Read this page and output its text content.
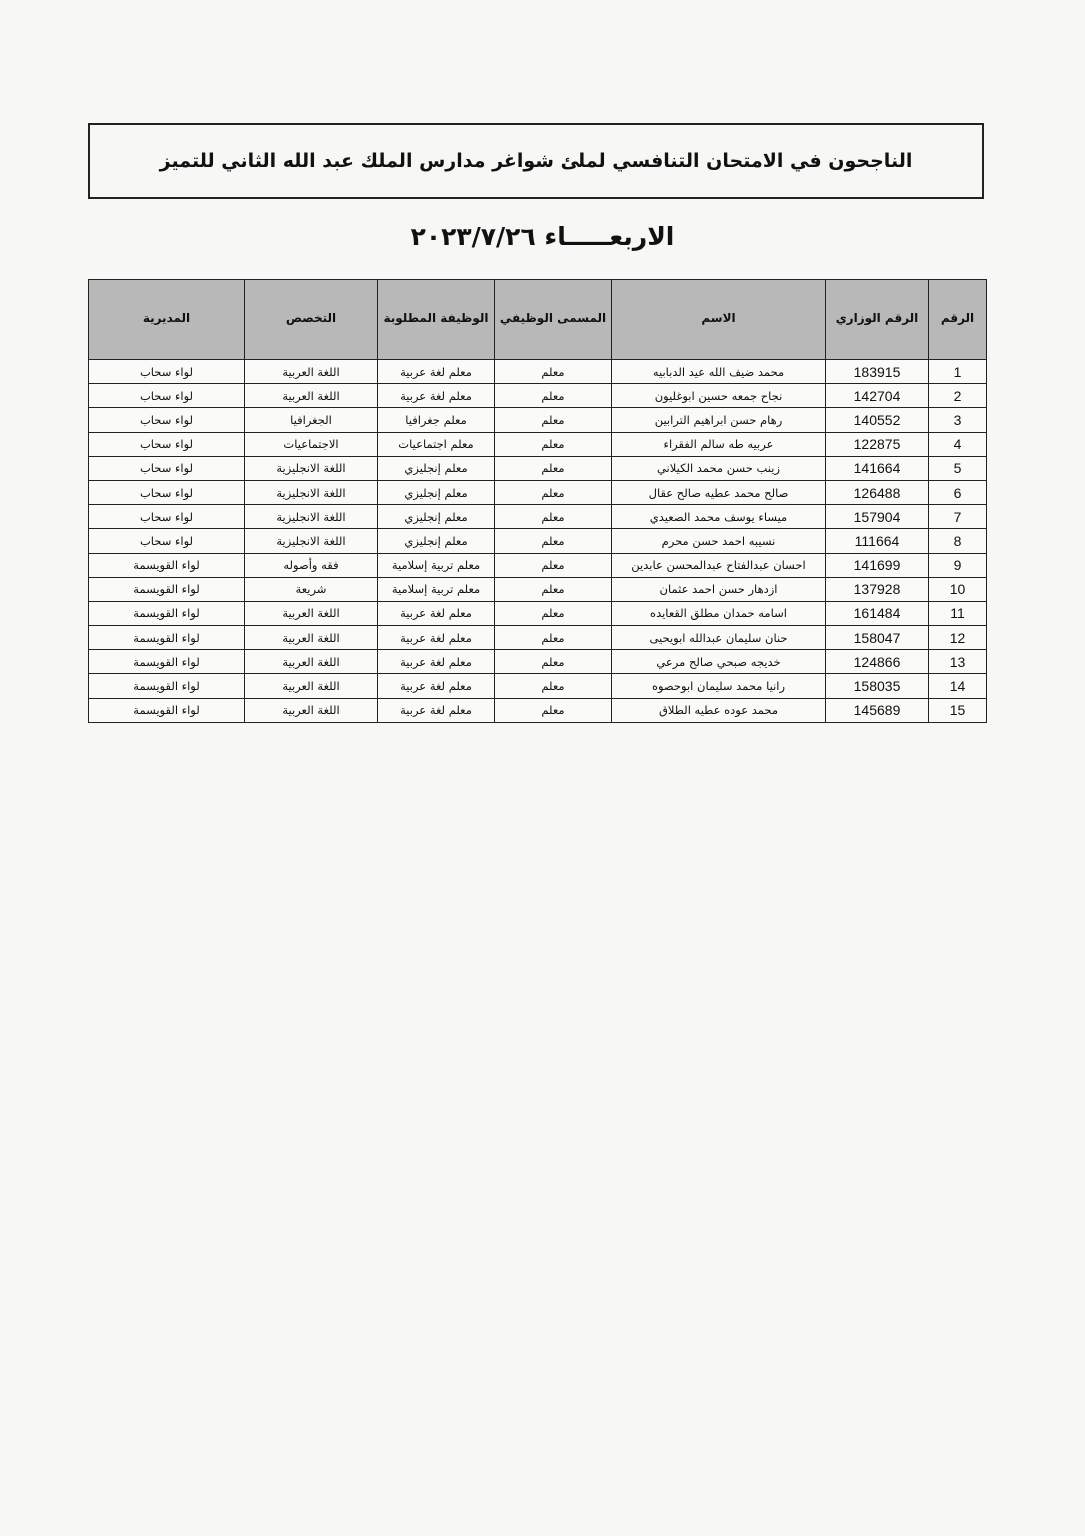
الناجحون في الامتحان التنافسي لملئ شواغر مدارس الملك عبد الله الثاني للتميز
الاربعـــــاء ٢٠٢٣/٧/٢٦
الرقم	الرقم الوزاري	الاسم	المسمى الوظيفي	الوظيفة المطلوبة	التخصص	المديرية
1	183915	محمد ضيف الله عيد الدبابيه	معلم	معلم لغة عربية	اللغة العربية	لواء سحاب
2	142704	نجاح جمعه حسين ابوغليون	معلم	معلم لغة عربية	اللغة العربية	لواء سحاب
3	140552	رهام حسن ابراهيم الترابين	معلم	معلم جغرافيا	الجغرافيا	لواء سحاب
4	122875	عربيه طه سالم الفقراء	معلم	معلم اجتماعيات	الاجتماعيات	لواء سحاب
5	141664	زينب حسن محمد الكيلاني	معلم	معلم إنجليزي	اللغة الانجليزية	لواء سحاب
6	126488	صالح محمد عطيه صالح عقال	معلم	معلم إنجليزي	اللغة الانجليزية	لواء سحاب
7	157904	ميساء يوسف محمد الصعيدي	معلم	معلم إنجليزي	اللغة الانجليزية	لواء سحاب
8	111664	نسيبه احمد حسن محرم	معلم	معلم إنجليزي	اللغة الانجليزية	لواء سحاب
9	141699	احسان عبدالفتاح عبدالمحسن عابدين	معلم	معلم تربية إسلامية	فقه وأصوله	لواء القويسمة
10	137928	ازدهار حسن احمد عثمان	معلم	معلم تربية إسلامية	شريعة	لواء القويسمة
11	161484	اسامه حمدان مطلق القعايده	معلم	معلم لغة عربية	اللغة العربية	لواء القويسمة
12	158047	حنان سليمان عبدالله ابويحيى	معلم	معلم لغة عربية	اللغة العربية	لواء القويسمة
13	124866	خديجه صبحي صالح مرعي	معلم	معلم لغة عربية	اللغة العربية	لواء القويسمة
14	158035	رانيا محمد سليمان ابوحصوه	معلم	معلم لغة عربية	اللغة العربية	لواء القويسمة
15	145689	محمد عوده عطيه الطلاق	معلم	معلم لغة عربية	اللغة العربية	لواء القويسمة
